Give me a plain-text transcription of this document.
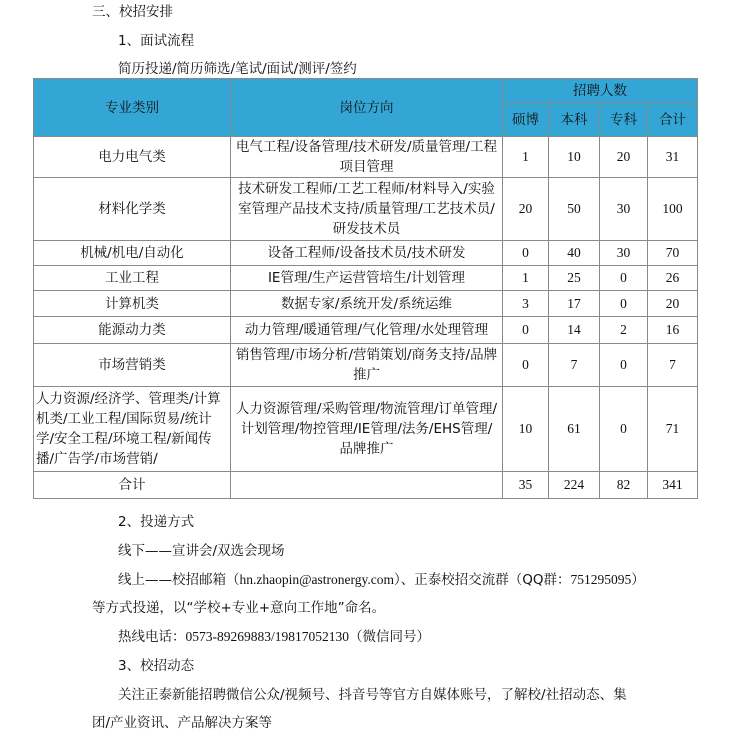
三、校招安排
1、面试流程
简历投递/简历筛选/笔试/面试/测评/签约
专业类别	岗位方向	招聘人数			
		硕博	本科	专科	合计
电力电气类	电气工程/设备管理/技术研发/质量管理/工程项目管理	1	10	20	31
材料化学类	技术研发工程师/工艺工程师/材料导入/实验室管理产品技术支持/质量管理/工艺技术员/研发技术员	20	50	30	100
机械/机电/自动化	设备工程师/设备技术员/技术研发	0	40	30	70
工业工程	IE管理/生产运营管培生/计划管理	1	25	0	26
计算机类	数据专家/系统开发/系统运维	3	17	0	20
能源动力类	动力管理/暖通管理/气化管理/水处理管理	0	14	2	16
市场营销类	销售管理/市场分析/营销策划/商务支持/品牌推广	0	7	0	7
人力资源/经济学、管理类/计算机类/工业工程/国际贸易/统计学/安全工程/环境工程/新闻传播/广告学/市场营销/	人力资源管理/采购管理/物流管理/订单管理/计划管理/物控管理/IE管理/法务/EHS管理/品牌推广	10	61	0	71
合计		35	224	82	341
2、投递方式
线下——宣讲会/双选会现场
线上——校招邮箱（hn.zhaopin@astronergy.com）、正泰校招交流群（QQ群：751295095）
等方式投递，以“学校+专业+意向工作地”命名。
热线电话：0573-89269883/19817052130（微信同号）
3、校招动态
关注正泰新能招聘微信公众/视频号、抖音号等官方自媒体账号，了解校/社招动态、集
团/产业资讯、产品解决方案等
